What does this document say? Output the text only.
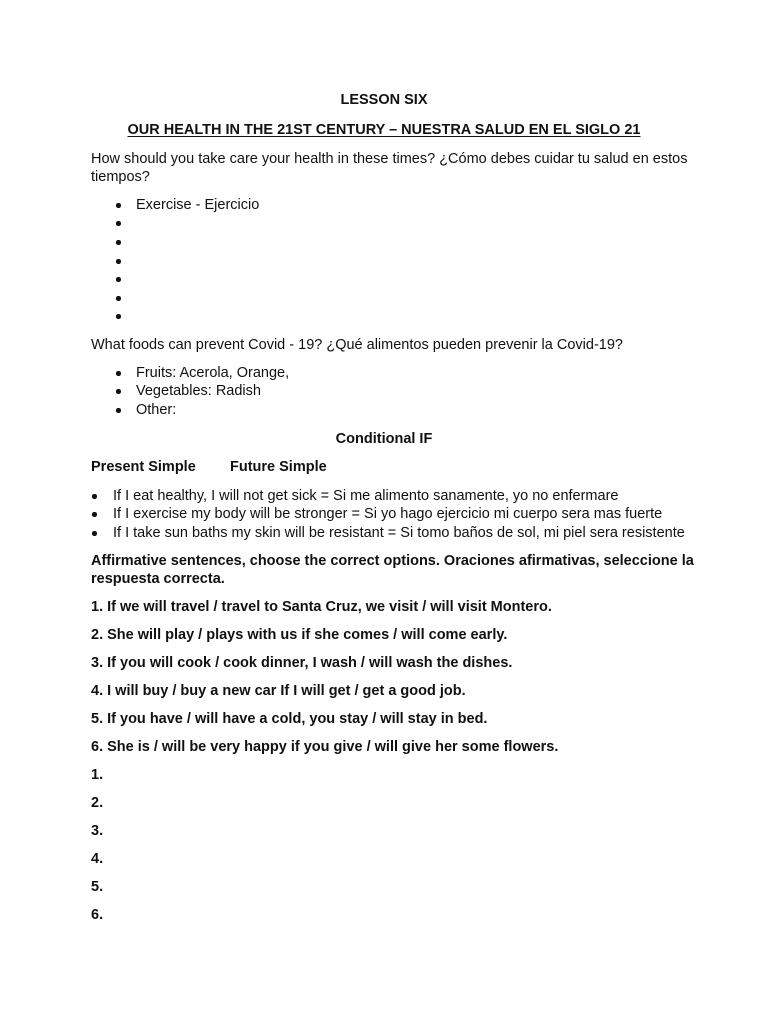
LESSON SIX
OUR HEALTH IN THE 21ST CENTURY – NUESTRA SALUD EN EL SIGLO 21
How should you take care your health in these times? ¿Cómo debes cuidar tu salud en estos
tiempos?
Exercise - Ejercicio
What foods can prevent Covid - 19? ¿Qué alimentos pueden prevenir la Covid-19?
Fruits: Acerola, Orange,
Vegetables: Radish
Other:
Conditional IF
Present Simple Future Simple
If I eat healthy, I will not get sick = Si me alimento sanamente, yo no enfermare
If I exercise my body will be stronger = Si yo hago ejercicio mi cuerpo sera mas fuerte
If I take sun baths my skin will be resistant = Si tomo baños de sol, mi piel sera resistente
Affirmative sentences, choose the correct options. Oraciones afirmativas, seleccione la
respuesta correcta.
1. If we will travel / travel to Santa Cruz, we visit / will visit Montero.
2. She will play / plays with us if she comes / will come early.
3. If you will cook / cook dinner, I wash / will wash the dishes.
4. I will buy / buy a new car If I will get / get a good job.
5. If you have / will have a cold, you stay / will stay in bed.
6. She is / will be very happy if you give / will give her some flowers.
1.
2.
3.
4.
5.
6.
